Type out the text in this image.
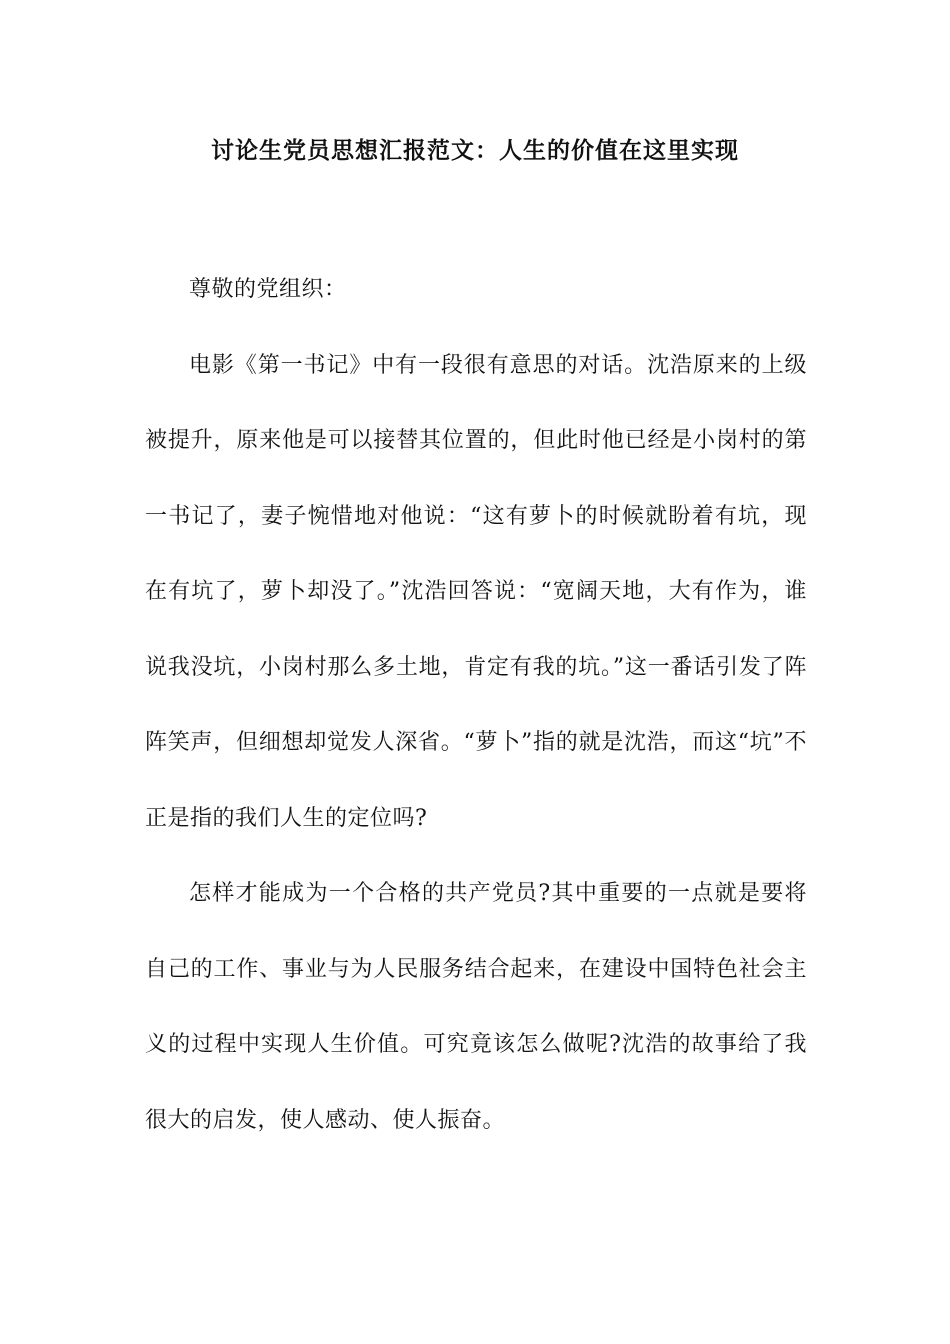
讨论生党员思想汇报范文：人生的价值在这里实现

尊敬的党组织：

电影《第一书记》中有一段很有意思的对话。沈浩原来的上级被提升，原来他是可以接替其位置的，但此时他已经是小岗村的第一书记了，妻子惋惜地对他说：“这有萝卜的时候就盼着有坑，现在有坑了，萝卜却没了。”沈浩回答说：“宽阔天地，大有作为，谁说我没坑，小岗村那么多土地，肯定有我的坑。”这一番话引发了阵阵笑声，但细想却觉发人深省。“萝卜”指的就是沈浩，而这“坑”不正是指的我们人生的定位吗?

怎样才能成为一个合格的共产党员?其中重要的一点就是要将自己的工作、事业与为人民服务结合起来，在建设中国特色社会主义的过程中实现人生价值。可究竟该怎么做呢?沈浩的故事给了我很大的启发，使人感动、使人振奋。
